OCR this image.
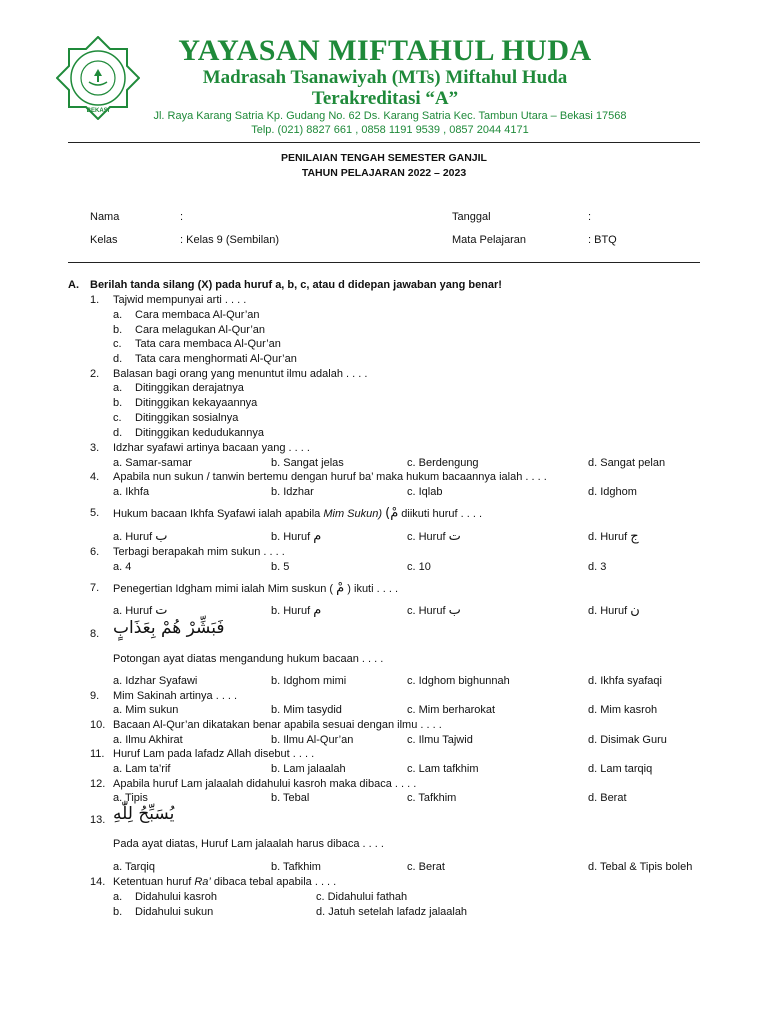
BEKASI
YAYASAN MIFTAHUL HUDA
Madrasah Tsanawiyah (MTs) Miftahul Huda
Terakreditasi “A”
Jl. Raya Karang Satria Kp. Gudang No. 62 Ds. Karang Satria Kec. Tambun Utara – Bekasi 17568
Telp. (021) 8827 661 , 0858 1191 9539 , 0857 2044 4171
PENILAIAN TENGAH SEMESTER GANJIL
TAHUN PELAJARAN 2022 – 2023
Nama	:	Tanggal	:
Kelas	: Kelas 9 (Sembilan)	Mata Pelajaran	: BTQ
A. Berilah tanda silang (X) pada huruf a, b, c, atau d didepan jawaban yang benar!
1. Tajwid mempunyai arti . . . .
a. Cara membaca Al-Qur’an
b. Cara melagukan Al-Qur’an
c. Tata cara membaca Al-Qur’an
d. Tata cara menghormati Al-Qur’an
2. Balasan bagi orang yang menuntut ilmu adalah . . . .
a. Ditinggikan derajatnya
b. Ditinggikan kekayaannya
c. Ditinggikan sosialnya
d. Ditinggikan kedudukannya
3. Idzhar syafawi artinya bacaan yang . . . .
a. Samar-samar	b. Sangat jelas	c. Berdengung	d. Sangat pelan
4. Apabila nun sukun / tanwin bertemu dengan huruf ba’ maka hukum bacaannya ialah . . . .
a. Ikhfa	b. Idzhar	c. Iqlab	d. Idghom
5. Hukum bacaan Ikhfa Syafawi ialah apabila Mim Sukun) (مْ diikuti huruf . . . .
a. Huruf ب	b. Huruf م	c. Huruf ت	d. Huruf ج
6. Terbagi berapakah mim sukun . . . .
a. 4	b. 5	c. 10	d. 3
7. Penegertian Idgham mimi ialah Mim suskun ( مْ ) ikuti . . . .
a. Huruf ت	b. Huruf م	c. Huruf ب	d. Huruf ن
8. فَبَشِّرْ هُمْ بِعَذَابٍ
Potongan ayat diatas mengandung hukum bacaan . . . .
a. Idzhar Syafawi	b. Idghom mimi	c. Idghom bighunnah	d. Ikhfa syafaqi
9. Mim Sakinah artinya . . . .
a. Mim sukun	b. Mim tasydid	c. Mim berharokat	d. Mim kasroh
10. Bacaan Al-Qur’an dikatakan benar apabila sesuai dengan ilmu . . . .
a. Ilmu Akhirat	b. Ilmu Al-Qur’an	c. Ilmu Tajwid	d. Disimak Guru
11. Huruf Lam pada lafadz Allah disebut . . . .
a. Lam ta’rif	b. Lam jalaalah	c. Lam tafkhim	d. Lam tarqiq
12. Apabila huruf Lam jalaalah didahului kasroh maka dibaca . . . .
a. Tipis	b. Tebal	c. Tafkhim	d. Berat
13. يُسَبِّحُ لِلّٰهِ
Pada ayat diatas, Huruf Lam jalaalah harus dibaca . . . .
a. Tarqiq	b. Tafkhim	c. Berat	d. Tebal & Tipis boleh
14. Ketentuan huruf Ra’ dibaca tebal apabila . . . .
a. Didahului kasroh	c. Didahului fathah
b. Didahului sukun	d. Jatuh setelah lafadz jalaalah
